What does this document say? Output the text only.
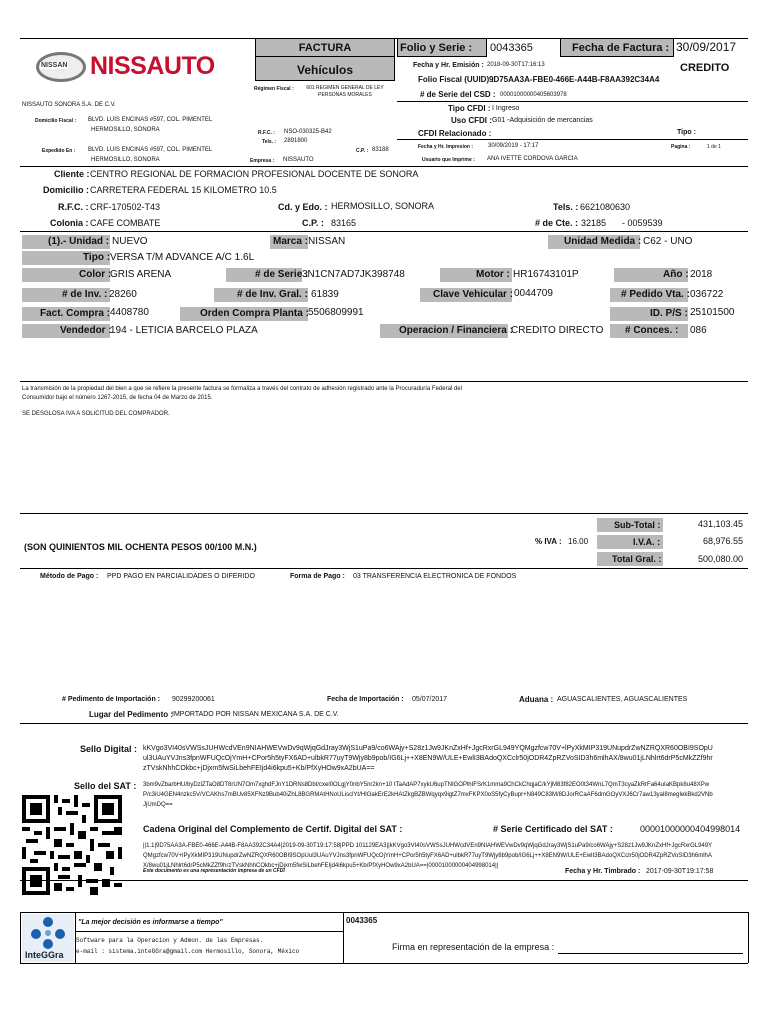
NISSAN NISSAUTO
FACTURA
Vehículos
Folio y Serie : 0043365	Fecha de Factura : 30/09/2017
CREDITO
Fecha y Hr. Emisión : 2018-09-30T17:16:13
Folio Fiscal (UUID) :
9D75AA3A-FBE0-466E-A44B-F8AA392C34A4
# de Serie del CSD : 00001000000405603978
Tipo CFDI : I Ingreso
Uso CFDI : G01 -Adquisición de mercancias
CFDI Relacionado :	Tipo :
Fecha y Hr. Impresion : 30/09/2019 - 17:17	Pagina :	1 de 1
Usuario que Imprime : ANA IVETTE CORDOVA GARCIA
Régimen Fiscal :	601 REGIMEN GENERAL DE LEY PERSONAS MORALES
NISSAUTO SONORA S.A. DE C.V.
Domicilio Fiscal : BLVD. LUIS ENCINAS #597, COL. PIMENTEL
HERMOSILLO, SONORA	R.F.C. : NSO-030325-B42
Tels. : 2891800
C.P. : 83188
Expedido En : BLVD. LUIS ENCINAS #597, COL. PIMENTEL
HERMOSILLO, SONORA	Empresa : NISSAUTO
Cliente : CENTRO REGIONAL DE FORMACION PROFESIONAL DOCENTE DE SONORA
Domicilio : CARRETERA FEDERAL 15 KILOMETRO 10.5
R.F.C. : CRF-170502-T43	Cd. y Edo. : HERMOSILLO, SONORA	Tels. : 6621080630
Colonia : CAFE COMBATE	C.P. : 83165	# de Cte. : 32185 - 0059539
(1).- Unidad : NUEVO	Marca : NISSAN	Unidad Medida : C62 - UNO
Tipo : VERSA T/M ADVANCE A/C 1.6L
Color :
GRIS ARENA	# de Serie :
3N1CN7AD7JK398748	Motor : HR16743101P	Año : 2018
# de Inv. : 28260	# de Inv. Gral. : 61839	Clave Vehicular : 0044709	# Pedido Vta. : 036722
Fact. Compra : 4408780	Orden Compra Planta : 5506809991	ID. P/S : 25101500
Vendedor :
194 - LETICIA BARCELO PLAZA	Operacion / Financiera :
CREDITO DIRECTO # Conces. : 086
La transmisión de la propiedad del bien a que se refiere la presente factura se formaliza a través del contrato de adhesión registrado ante la Procuraduría Federal del
Consumidor bajo el número 1267-2015, de fecha 04 de Marzo de 2015.
SE DESGLOSA IVA A SOLICITUD DEL COMPRADOR.
Sub-Total :	431,103.45
(SON QUINIENTOS MIL OCHENTA PESOS 00/100 M.N.)
% IVA : 16.00	I.V.A. :	68,976.55
Total Gral. :	500,080.00
Método de Pago : PPD PAGO EN PARCIALIDADES O DIFERIDO	Forma de Pago : 03 TRANSFERENCIA ELECTRONICA DE FONDOS
# Pedimento de Importación : 90299200061	Fecha de Importación : 05/07/2017	Aduana : AGUASCALIENTES, AGUASCALIENTES
Lugar del Pedimento :
IMPORTADO POR NISSAN MEXICANA S.A. DE C.V.
Sello Digital : kKVgo3VI40sVWSsJUHWcdVEn9NIAHWEVwDv9qWjqGdJray3WjS1uPa9/co6WAjy+S28z1Jw9JKnZxHf+JgcRxrGL949YQMgzfcw70V+lPyXkMIP319UNupdrZwNZRQXR60OBI9SOpUul3UAuYVJns3fpnWFUQcOjYmH+CPor5h5tyFX6AD+ulbkR77uyT9Wjy8b9pob/IG6Lj++X8EN9W/ULE+EwlI3BAdoQXCclr50jODR4ZpRZVoSID3h6mlhAX/8wu01jLNhlrt6drP5cMkZZf9hrzTVskNhhCOkbc+jDjxm5fwSiLbehFEIjd4i6kpu5+Kb/PfXyHOw9xA2bUA==
Sello del SAT : 3bm9vZbarbHU/byDzlZTaO8DT8rUN7Om7xghdFJnY1DRNs8Dbt/cxel0OLgjY0nbY5nr2kn+10 tTaAdAP7xykU6upTNIGOPlhIFSrK1mma9ChCkChqjaC/kYjM83f82EO0t34WnL7QmT3cyaZkRrFa64uIaKBpk8u48XPwP/c3iU4GEN4nzkc5V/VCAKhs7mBUv85XFNz9Bub40iZhL8BGRMAtHNoULisclYt/HIGakErE2kHAtZkgBZBWqyqx9igtZ7mxFKPX0oS5fyCyBupr+N849C83M/8DJorRCaAF6dmGOyVXJ6Cr7aw13yal8megIekBkd2VNbJjUmDQ==
Cadena Original del Complemento de Certif. Digital del SAT :	# Serie Certificado del SAT :	00001000000404998014
||1.1|9D75AA3A-FBE0-466E-A44B-F8AA392C34A4|2019-09-30T19:17:58|PPD 101129EA3||kKVgo3VI40sVWSsJUHWcdVEn9NIAHWEVwDv9qWjqGdJray3WjS1uPa9/co6WAjy+S28z1Jw9JKnZxHf+JgcRxrGL949YQMgzfcw70V+lPyXkMIP319UNupdrZwNZRQXR60OBI9SOpUul3UAuYVJns3fpnWFUQcOjYmH+CPor5h5tyFX6AD+ulbkR77uyT9Wjy8b9pob/IG6Lj++X8EN9W/ULE+EwlI3BAdoQXCclr50jODR4ZpRZVoSID3h6mlhAX/8wu01jLNhlrt6drP5cMkZZf9hrzTVskNhhCOkbc+jDjxm5fwSiLbehFEIjd4i6kpu5+Kb/PfXyHOw9xA2bUA==|00001000000404998014||
Este documento es una representación impresa de un CFDI	Fecha y Hr. Timbrado : 2017-09-30T19:17:58
InteGGra
"La mejor decisión es informarse a tiempo"	0043365
Software para la Operacion y Admon. de las Empresas.
e-mail : sistema.inteGGra@gmail.com Hermosillo, Sonora, México	Firma en representación de la empresa :
